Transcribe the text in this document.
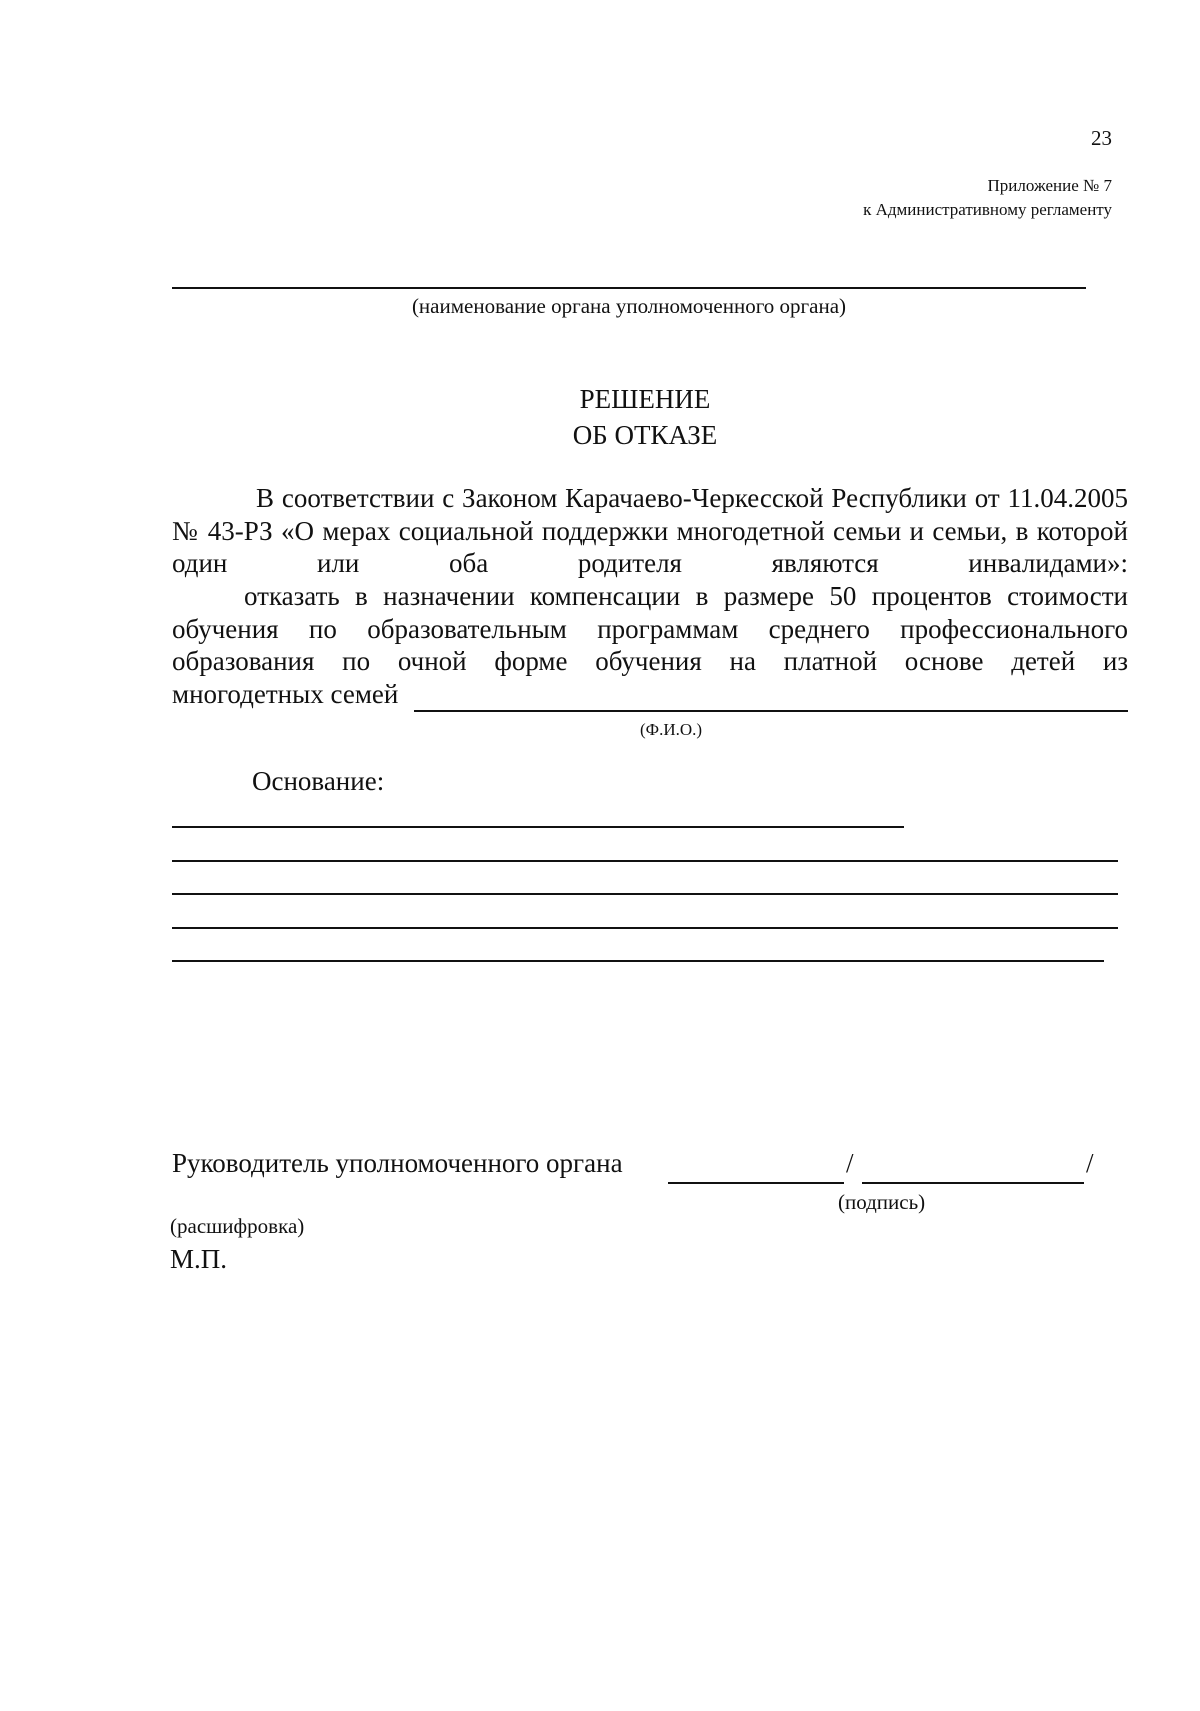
23
Приложение № 7
к Административному регламенту
(наименование органа уполномоченного органа)
РЕШЕНИЕ
ОБ ОТКАЗЕ
В соответствии с Законом Карачаево-Черкесской Республики от 11.04.2005 № 43-РЗ «О мерах социальной поддержки многодетной семьи и семьи, в которой один или оба родителя являются инвалидами»:
отказать в назначении компенсации в размере 50 процентов стоимости обучения по образовательным программам среднего профессионального образования по очной форме обучения на платной основе детей из
многодетных семей
(Ф.И.О.)
Основание:
Руководитель уполномоченного органа	/	/
(подпись)
(расшифровка)
М.П.
